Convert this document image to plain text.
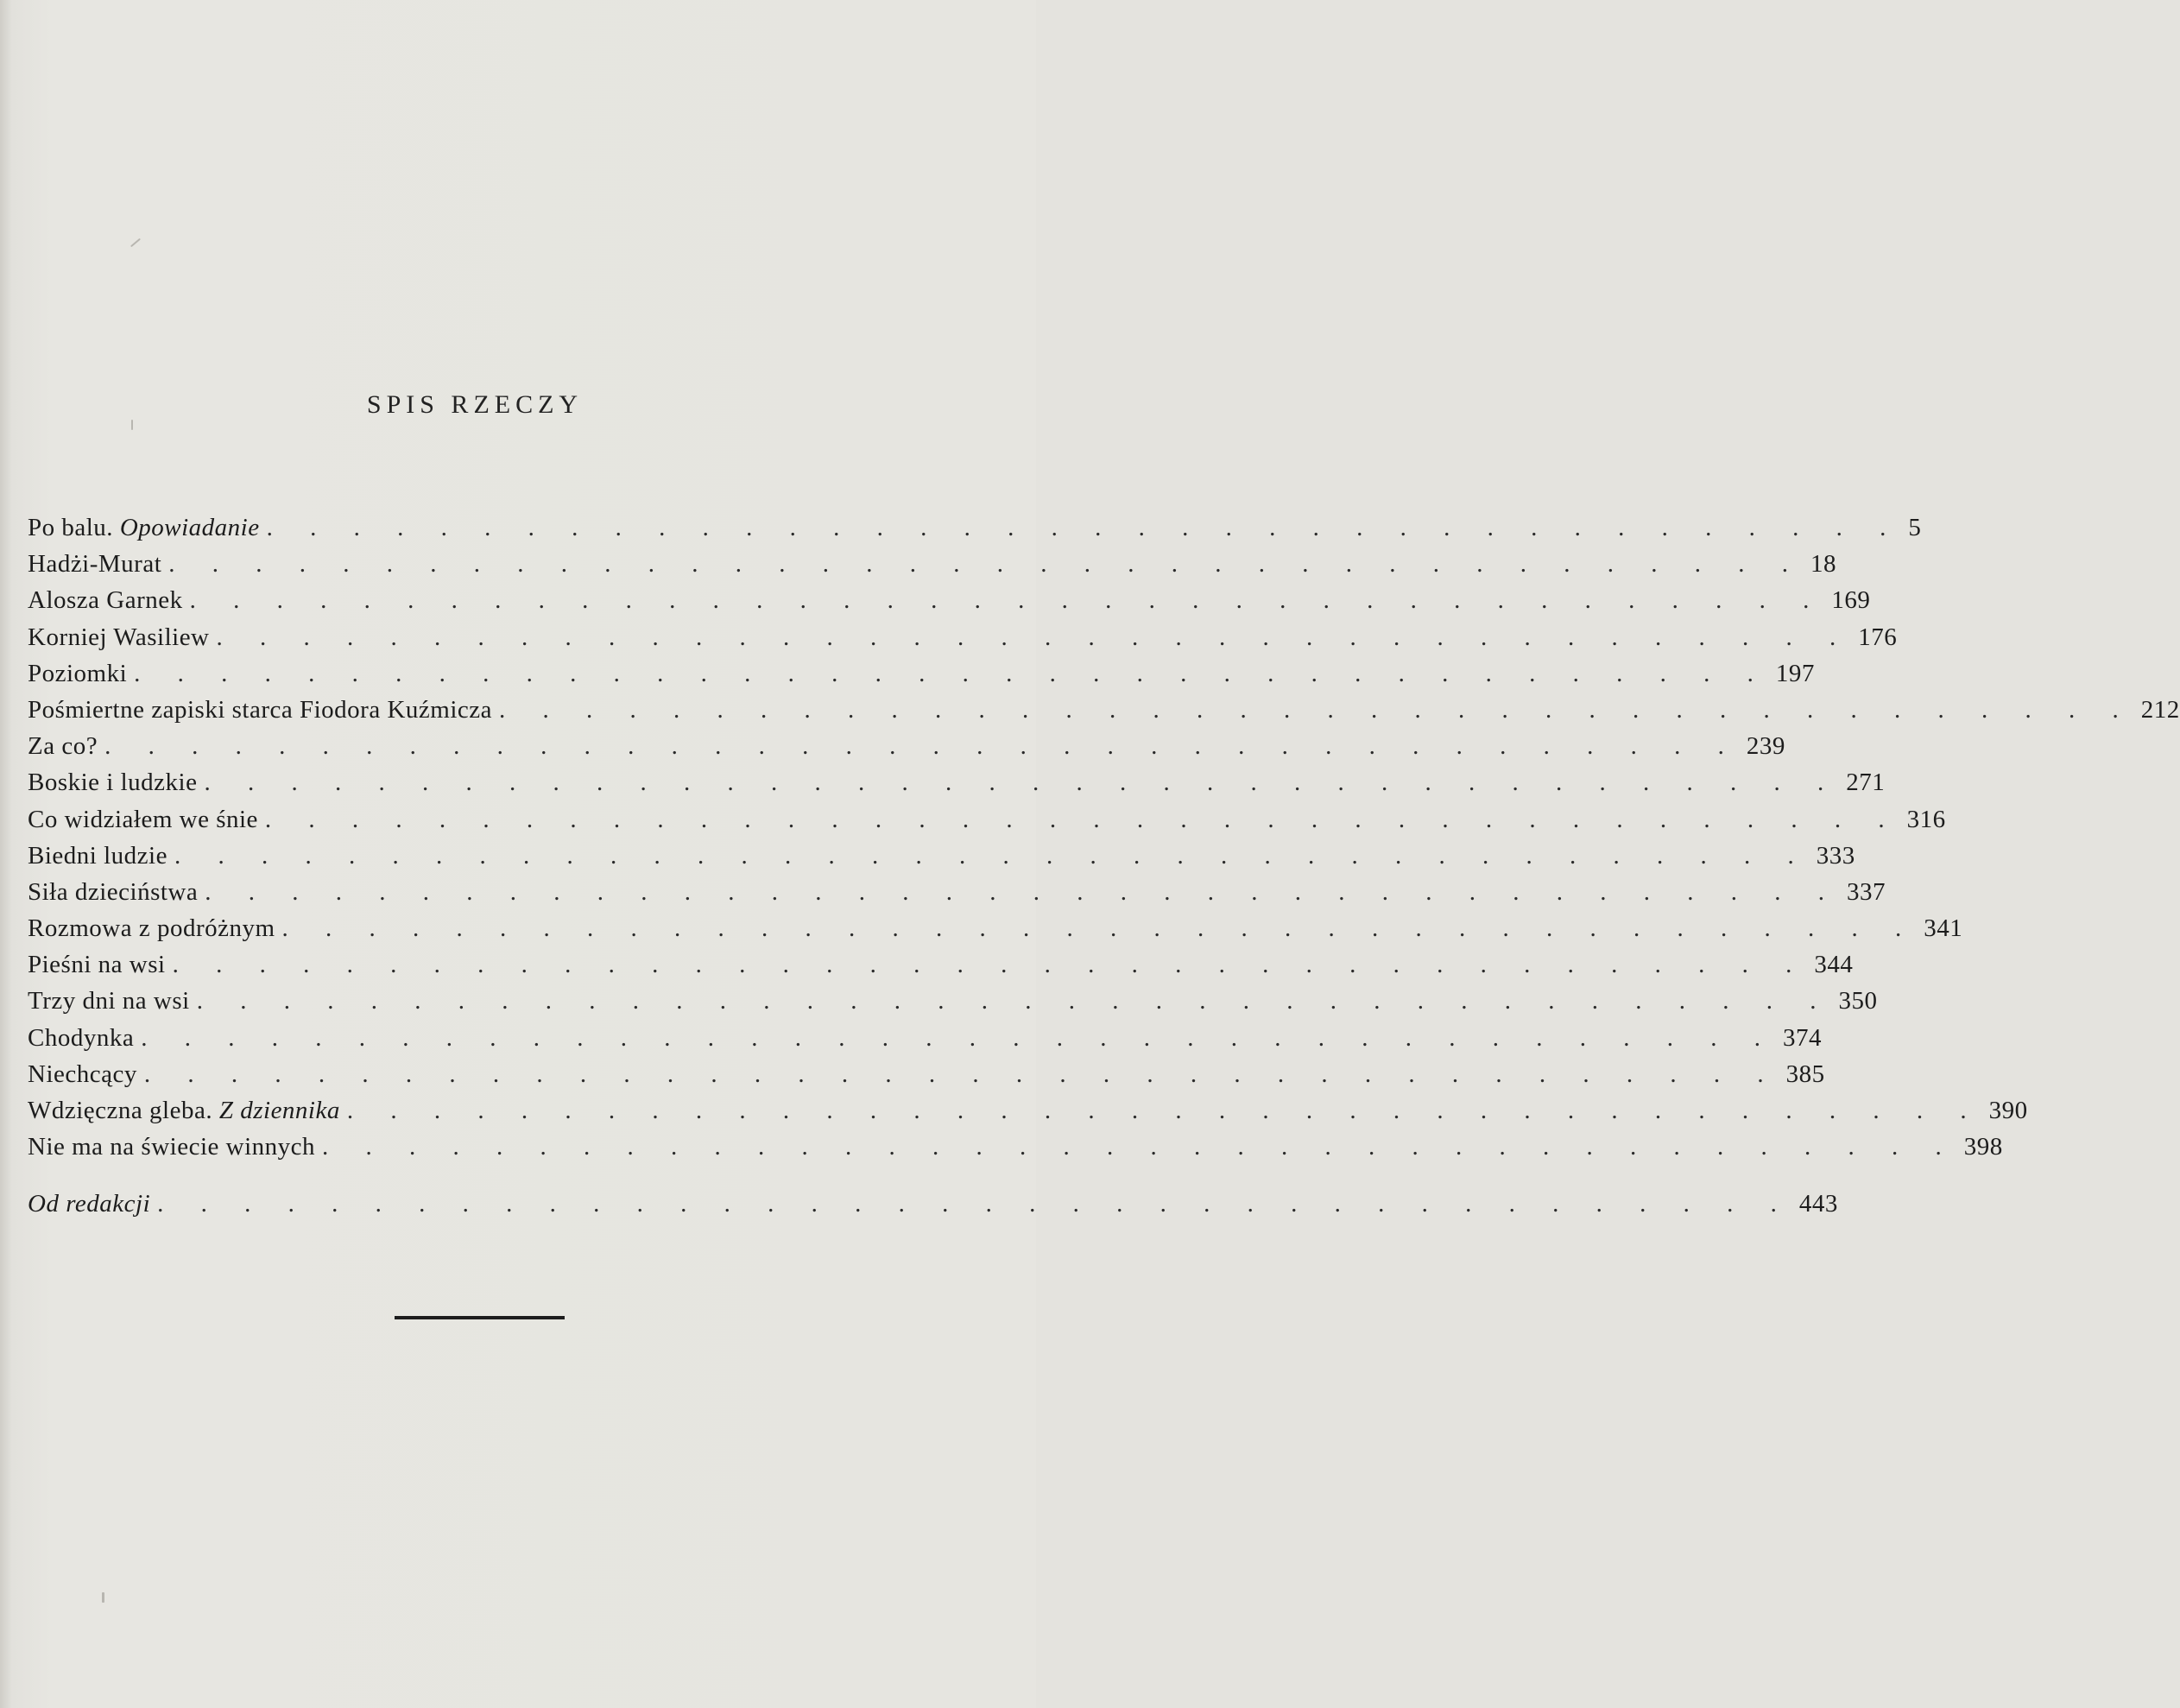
SPIS RZECZY
Po balu. Opowiadanie . . . . . . . . . . . . . . . . . . . . . . . . . . . . . . . . . . . . . . 5
Hadżi-Murat . . . . . . . . . . . . . . . . . . . . . . . . . . . . . . . . . . . . . . 18
Alosza Garnek . . . . . . . . . . . . . . . . . . . . . . . . . . . . . . . . . . . . . . 169
Korniej Wasiliew . . . . . . . . . . . . . . . . . . . . . . . . . . . . . . . . . . . . . . 176
Poziomki . . . . . . . . . . . . . . . . . . . . . . . . . . . . . . . . . . . . . . 197
Pośmiertne zapiski starca Fiodora Kuźmicza . . . . . . . . . . . . . . . . . . . . . . . . . . . . . . . . . . . . . . 212
Za co? . . . . . . . . . . . . . . . . . . . . . . . . . . . . . . . . . . . . . . 239
Boskie i ludzkie . . . . . . . . . . . . . . . . . . . . . . . . . . . . . . . . . . . . . . 271
Co widziałem we śnie . . . . . . . . . . . . . . . . . . . . . . . . . . . . . . . . . . . . . . 316
Biedni ludzie . . . . . . . . . . . . . . . . . . . . . . . . . . . . . . . . . . . . . . 333
Siła dzieciństwa . . . . . . . . . . . . . . . . . . . . . . . . . . . . . . . . . . . . . . 337
Rozmowa z podróżnym . . . . . . . . . . . . . . . . . . . . . . . . . . . . . . . . . . . . . . 341
Pieśni na wsi . . . . . . . . . . . . . . . . . . . . . . . . . . . . . . . . . . . . . . 344
Trzy dni na wsi . . . . . . . . . . . . . . . . . . . . . . . . . . . . . . . . . . . . . . 350
Chodynka . . . . . . . . . . . . . . . . . . . . . . . . . . . . . . . . . . . . . . 374
Niechcący . . . . . . . . . . . . . . . . . . . . . . . . . . . . . . . . . . . . . . 385
Wdzięczna gleba. Z dziennika . . . . . . . . . . . . . . . . . . . . . . . . . . . . . . . . . . . . . . 390
Nie ma na świecie winnych . . . . . . . . . . . . . . . . . . . . . . . . . . . . . . . . . . . . . . 398
Od redakcji . . . . . . . . . . . . . . . . . . . . . . . . . . . . . . . . . . . . . . 443
